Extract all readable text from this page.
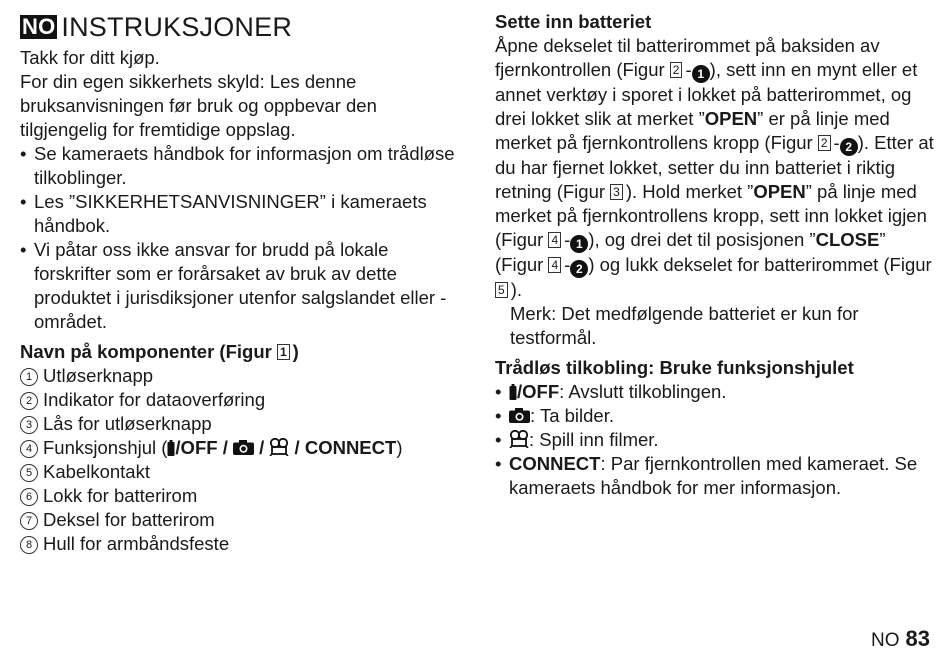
NO INSTRUKSJONER

Takk for ditt kjøp.

For din egen sikkerhets skyld: Les denne bruksanvisningen før bruk og oppbevar den tilgjengelig for fremtidige oppslag.

• Se kameraets håndbok for informasjon om trådløse tilkoblinger.
• Les ”SIKKERHETSANVISNINGER” i kameraets håndbok.
• Vi påtar oss ikke ansvar for brudd på lokale forskrifter som er forårsaket av bruk av dette produktet i jurisdiksjoner utenfor salgslandet eller -området.

Navn på komponenter (Figur 1 )

1 Utløserknapp
2 Indikator for dataoverføring
3 Lås for utløserknapp
4 Funksjonshjul ( /OFF /  /  / CONNECT)
5 Kabelkontakt
6 Lokk for batterirom
7 Deksel for batterirom
8 Hull for armbåndsfeste

Sette inn batteriet

Åpne dekselet til batterirommet på baksiden av fjernkontrollen (Figur 2 - 1 ), sett inn en mynt eller et annet verktøy i sporet i lokket på batterirommet, og drei lokket slik at merket ”OPEN” er på linje med merket på fjernkontrollens kropp (Figur 2 - 2 ). Etter at du har fjernet lokket, setter du inn batteriet i riktig retning (Figur 3 ). Hold merket ”OPEN” på linje med merket på fjernkontrollens kropp, sett inn lokket igjen (Figur 4 - 1 ), og drei det til posisjonen ”CLOSE” (Figur 4 - 2 ) og lukk dekselet for batterirommet (Figur 5 ).

Merk: Det medfølgende batteriet er kun for testformål.

Trådløs tilkobling: Bruke funksjonshjulet

• /OFF: Avslutt tilkoblingen.
• : Ta bilder.
• : Spill inn filmer.
• CONNECT: Par fjernkontrollen med kameraet. Se kameraets håndbok for mer informasjon.
NO 83
